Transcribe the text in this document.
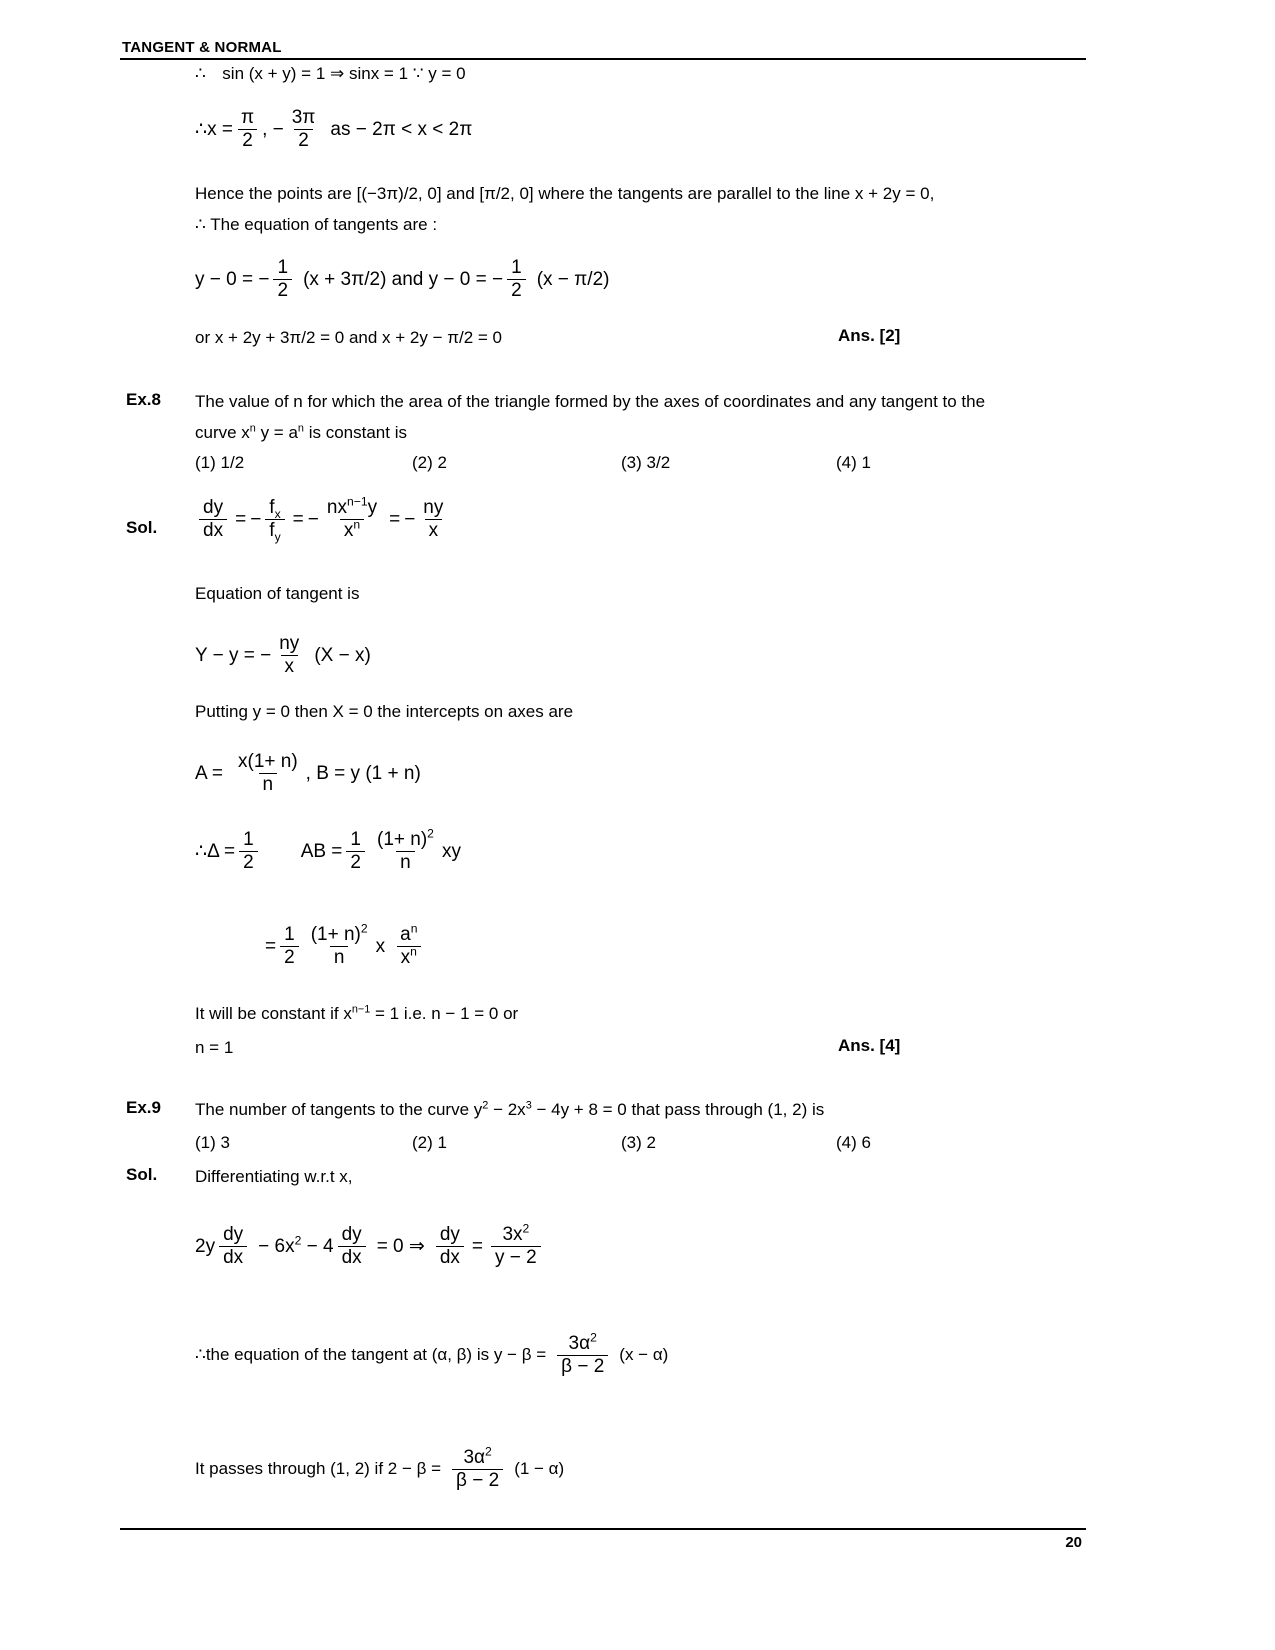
TANGENT & NORMAL
∴ sin (x + y) = 1 ⇒ sinx = 1 ∵ y = 0
∴x = $\frac{\pi}{2}$ , − $\frac{3\pi}{2}$ as − 2π < x < 2π
Hence the points are [(−3π)/2, 0] and [π/2, 0] where the tangents are parallel to the line x + 2y = 0,
∴ The equation of tangents are :
y − 0 = − $\frac{1}{2} (x + 3\pi/2)$ and y − 0 = − $\frac{1}{2} (x - \pi/2)$
or x + 2y + 3π/2 = 0 and x + 2y − π/2 = 0	Ans. [2]
Ex.8 The value of n for which the area of the triangle formed by the axes of coordinates and any tangent to the
curve $x^n$ $y = a^n$ is constant is
(1) 1/2	(2) 2	(3) 3/2	(4) 1
Sol. $\frac{dy}{dx}$ = − $\frac{f_x}{f_y}$ = − $\frac{nx^{n-1}y}{x^n}$ = − $\frac{ny}{x}$
Equation of tangent is
Y − y = − $\frac{ny}{x} (X - x)$
Putting y = 0 then X = 0 the intercepts on axes are
$A = \frac{x(1+ n)}{n}$ , B = y (1 + n)
∴Δ = $\frac{1}{2}$ AB = $\frac{1}{2} \frac{(1+ n)^2}{n}$ xy
= $\frac{1}{2} \frac{(1+ n)^2}{n}$ x $\frac{a^n}{x^n}$
It will be constant if $x^{n-1} = 1$ i.e. n − 1 = 0 or
n = 1	Ans. [4]
Ex.9 The number of tangents to the curve $y^2 - 2x^3 - 4y + 8 = 0$ that pass through (1, 2) is
(1) 3	(2) 1	(3) 2	(4) 6
Sol. Differentiating w.r.t x,
$2y \frac{dy}{dx} - 6x^2 - 4 \frac{dy}{dx} = 0$ ⇒ $\frac{dy}{dx} = \frac{3x^2}{y - 2}$
∴the equation of the tangent at (α, β) is $y - \beta = \frac{3\alpha^2}{\beta - 2} (x - \alpha)$
It passes through (1, 2) if $2 - \beta = \frac{3\alpha^2}{\beta - 2} (1 - \alpha)$
20
